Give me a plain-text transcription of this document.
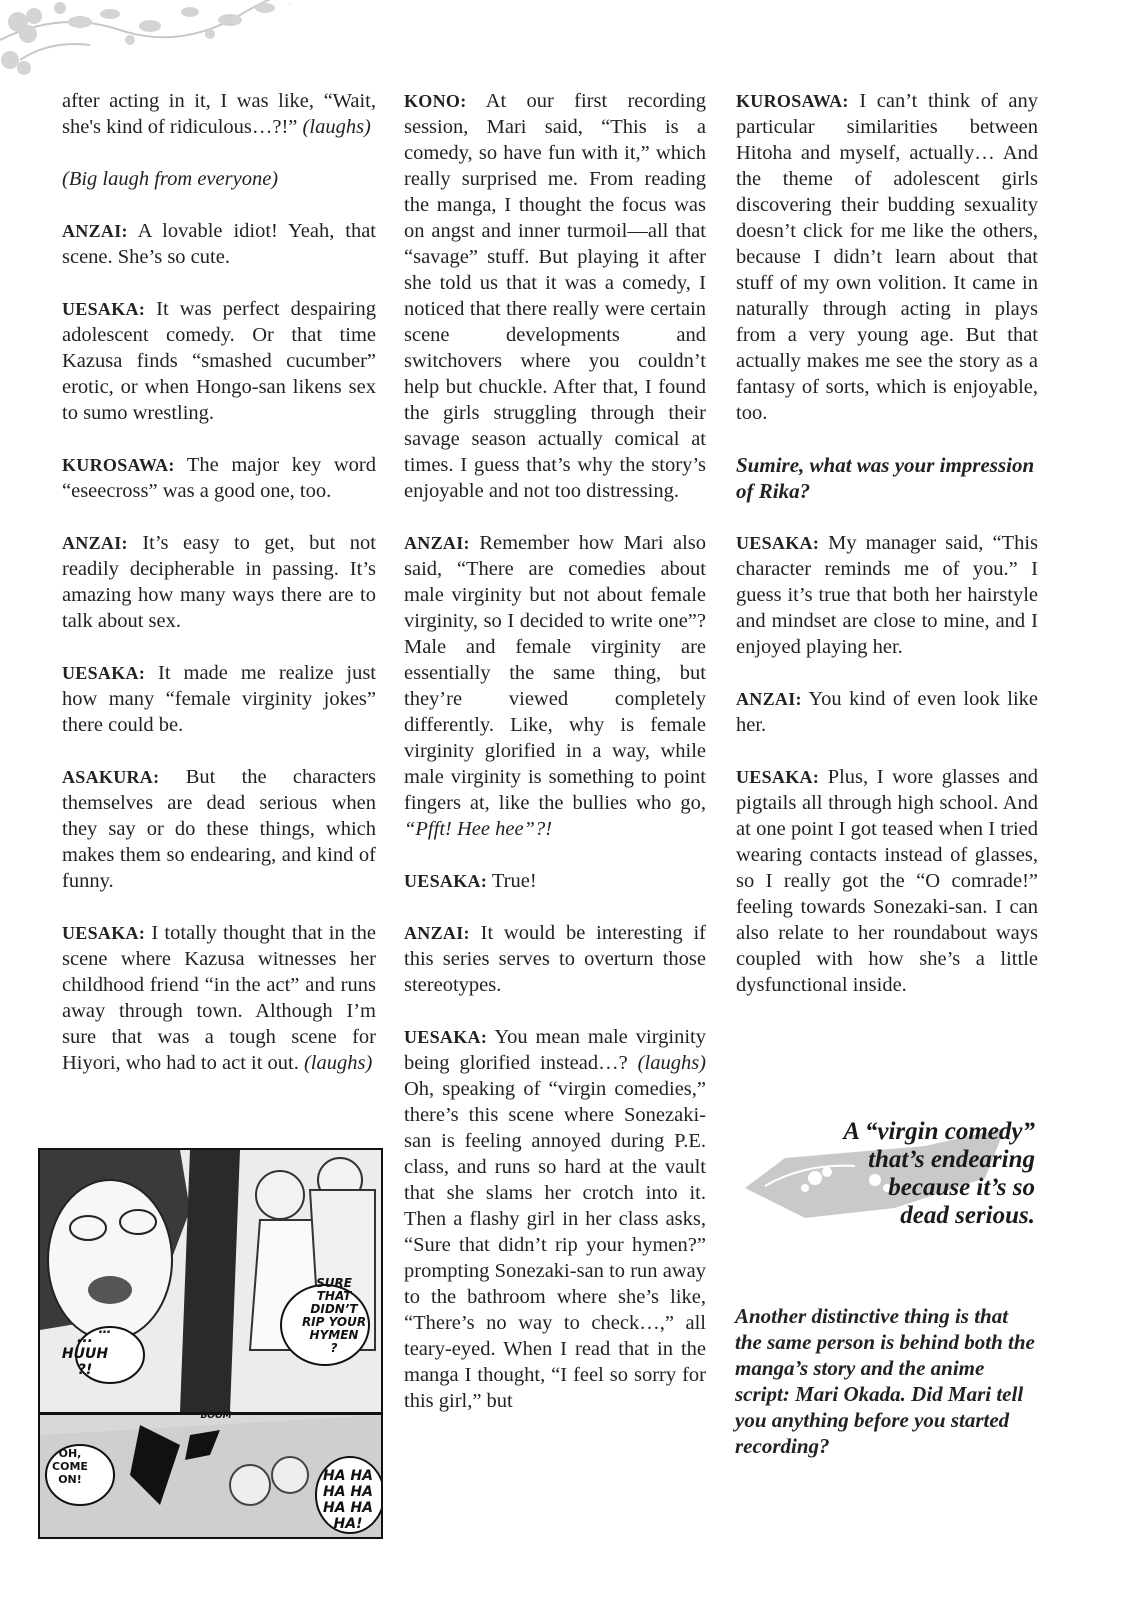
after acting in it, I was like, “Wait, she's kind of ridiculous…?!” (laughs)

(Big laugh from everyone)

ANZAI: A lovable idiot! Yeah, that scene. She’s so cute.

UESAKA: It was perfect despairing adolescent comedy. Or that time Kazusa finds “smashed cucumber” erotic, or when Hongo-san likens sex to sumo wrestling.

KUROSAWA: The major key word “eseecross” was a good one, too.

ANZAI: It’s easy to get, but not readily decipherable in passing. It’s amazing how many ways there are to talk about sex.

UESAKA: It made me realize just how many “female virginity jokes” there could be.

ASAKURA: But the characters themselves are dead serious when they say or do these things, which makes them so endearing, and kind of funny.

UESAKA: I totally thought that in the scene where Kazusa witnesses her childhood friend “in the act” and runs away through town. Although I’m sure that was a tough scene for Hiyori, who had to act it out. (laughs)

KONO: At our first recording session, Mari said, “This is a comedy, so have fun with it,” which really surprised me. From reading the manga, I thought the focus was on angst and inner turmoil—all that “savage” stuff. But playing it after she told us that it was a comedy, I noticed that there really were certain scene developments and switchovers where you couldn’t help but chuckle. After that, I found the girls struggling through their savage season actually comical at times. I guess that’s why the story’s enjoyable and not too distressing.

ANZAI: Remember how Mari also said, “There are comedies about male virginity but not about female virginity, so I decided to write one”? Male and female virginity are essentially the same thing, but they’re viewed completely differently. Like, why is female virginity glorified in a way, while male virginity is something to point fingers at, like the bullies who go, “Pfft! Hee hee”?!

UESAKA: True!

ANZAI: It would be interesting if this series serves to overturn those stereotypes.

UESAKA: You mean male virginity being glorified instead…? (laughs) Oh, speaking of “virgin comedies,” there’s this scene where Sonezaki-san is feeling annoyed during P.E. class, and runs so hard at the vault that she slams her crotch into it. Then a flashy girl in her class asks, “Sure that didn’t rip your hymen?” prompting Sonezaki-san to run away to the bathroom where she’s like, “There’s no way to check…,” all teary-eyed. When I read that in the manga I thought, “I feel so sorry for this girl,” but

KUROSAWA: I can’t think of any particular similarities between Hitoha and myself, actually… And the theme of adolescent girls discovering their budding sexuality doesn’t click for me like the others, because I didn’t learn about that stuff of my own volition. It came in naturally through acting in plays from a very young age. But that actually makes me see the story as a fantasy of sorts, which is enjoyable, too.

Sumire, what was your impression of Rika?

UESAKA: My manager said, “This character reminds me of you.” I guess it’s true that both her hairstyle and mindset are close to mine, and I enjoyed playing her.

ANZAI: You kind of even look like her.

UESAKA: Plus, I wore glasses and pigtails all through high school. And at one point I got teased when I tried wearing contacts instead of glasses, so I really got the “O comrade!” feeling towards Sonezaki-san. I can also relate to her roundabout ways coupled with how she’s a little dysfunctional inside.

A “virgin comedy”
that’s endearing
because it’s so
dead serious.
Another distinctive thing is that the same person is behind both the manga’s story and the anime script: Mari Okada. Did Mari tell you anything before you started recording?
SURE
THAT
DIDN’T
RIP YOUR
HYMEN
?
...
HUUH
?!
OH,
COME
ON!	HA HA
HA HA
HA HA
HA!
BOOM
…
